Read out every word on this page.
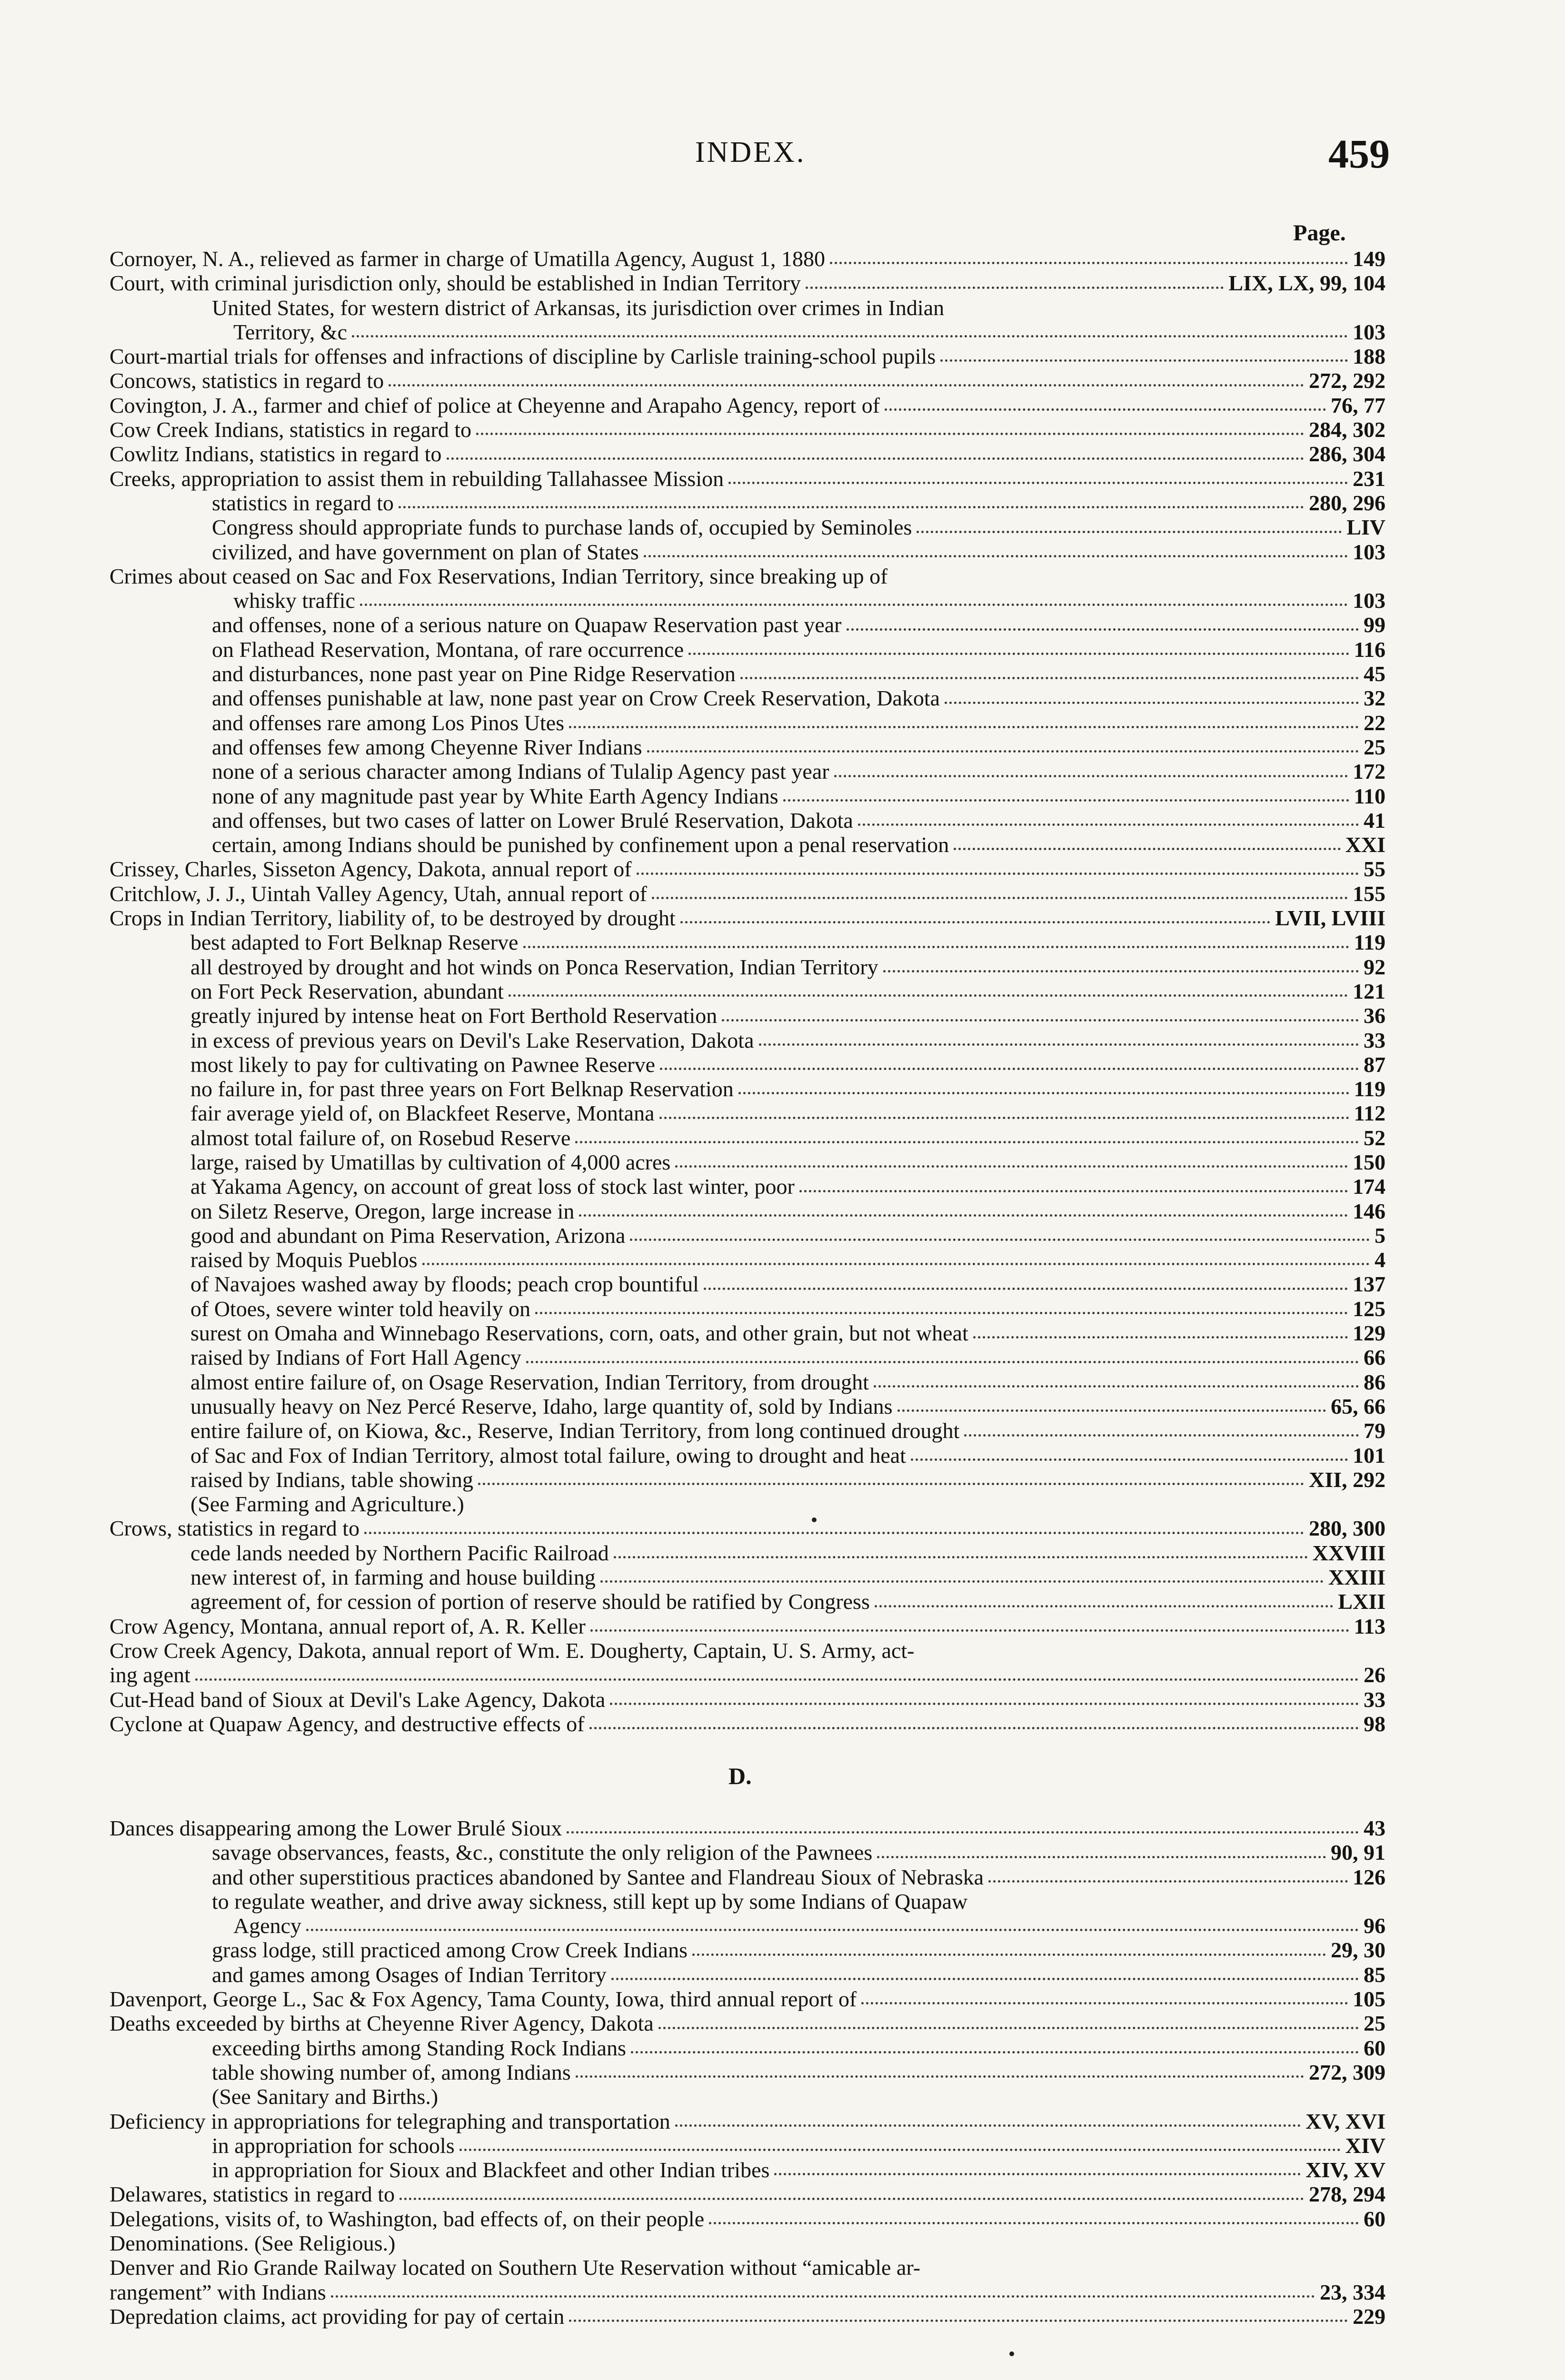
INDEX.	459
Page.
Cornoyer, N. A., relieved as farmer in charge of Umatilla Agency, August 1, 1880	149
Court, with criminal jurisdiction only, should be established in Indian Territory	LIX, LX, 99, 104
United States, for western district of Arkansas, its jurisdiction over crimes in Indian
Territory, &c	103
Court-martial trials for offenses and infractions of discipline by Carlisle training-school pupils	188
Concows, statistics in regard to	272, 292
Covington, J. A., farmer and chief of police at Cheyenne and Arapaho Agency, report of	76, 77
Cow Creek Indians, statistics in regard to	284, 302
Cowlitz Indians, statistics in regard to	286, 304
Creeks, appropriation to assist them in rebuilding Tallahassee Mission	231
statistics in regard to	280, 296
Congress should appropriate funds to purchase lands of, occupied by Seminoles	LIV
civilized, and have government on plan of States	103
Crimes about ceased on Sac and Fox Reservations, Indian Territory, since breaking up of
whisky traffic	103
and offenses, none of a serious nature on Quapaw Reservation past year	99
on Flathead Reservation, Montana, of rare occurrence	116
and disturbances, none past year on Pine Ridge Reservation	45
and offenses punishable at law, none past year on Crow Creek Reservation, Dakota	32
and offenses rare among Los Pinos Utes	22
and offenses few among Cheyenne River Indians	25
none of a serious character among Indians of Tulalip Agency past year	172
none of any magnitude past year by White Earth Agency Indians	110
and offenses, but two cases of latter on Lower Brulé Reservation, Dakota	41
certain, among Indians should be punished by confinement upon a penal reservation	XXI
Crissey, Charles, Sisseton Agency, Dakota, annual report of	55
Critchlow, J. J., Uintah Valley Agency, Utah, annual report of	155
Crops in Indian Territory, liability of, to be destroyed by drought	LVII, LVIII
best adapted to Fort Belknap Reserve	119
all destroyed by drought and hot winds on Ponca Reservation, Indian Territory	92
on Fort Peck Reservation, abundant	121
greatly injured by intense heat on Fort Berthold Reservation	36
in excess of previous years on Devil's Lake Reservation, Dakota	33
most likely to pay for cultivating on Pawnee Reserve	87
no failure in, for past three years on Fort Belknap Reservation	119
fair average yield of, on Blackfeet Reserve, Montana	112
almost total failure of, on Rosebud Reserve	52
large, raised by Umatillas by cultivation of 4,000 acres	150
at Yakama Agency, on account of great loss of stock last winter, poor	174
on Siletz Reserve, Oregon, large increase in	146
good and abundant on Pima Reservation, Arizona	5
raised by Moquis Pueblos	4
of Navajoes washed away by floods; peach crop bountiful	137
of Otoes, severe winter told heavily on	125
surest on Omaha and Winnebago Reservations, corn, oats, and other grain, but not wheat	129
raised by Indians of Fort Hall Agency	66
almost entire failure of, on Osage Reservation, Indian Territory, from drought	86
unusually heavy on Nez Percé Reserve, Idaho, large quantity of, sold by Indians	65, 66
entire failure of, on Kiowa, &c., Reserve, Indian Territory, from long continued drought	79
of Sac and Fox of Indian Territory, almost total failure, owing to drought and heat	101
raised by Indians, table showing	XII, 292
(See Farming and Agriculture.)
Crows, statistics in regard to	280, 300
cede lands needed by Northern Pacific Railroad	XXVIII
new interest of, in farming and house building	XXIII
agreement of, for cession of portion of reserve should be ratified by Congress	LXII
Crow Agency, Montana, annual report of, A. R. Keller	113
Crow Creek Agency, Dakota, annual report of Wm. E. Dougherty, Captain, U. S. Army, act-
ing agent	26
Cut-Head band of Sioux at Devil's Lake Agency, Dakota	33
Cyclone at Quapaw Agency, and destructive effects of	98
D.
Dances disappearing among the Lower Brulé Sioux	43
savage observances, feasts, &c., constitute the only religion of the Pawnees	90, 91
and other superstitious practices abandoned by Santee and Flandreau Sioux of Nebraska	126
to regulate weather, and drive away sickness, still kept up by some Indians of Quapaw
Agency	96
grass lodge, still practiced among Crow Creek Indians	29, 30
and games among Osages of Indian Territory	85
Davenport, George L., Sac & Fox Agency, Tama County, Iowa, third annual report of	105
Deaths exceeded by births at Cheyenne River Agency, Dakota	25
exceeding births among Standing Rock Indians	60
table showing number of, among Indians	272, 309
(See Sanitary and Births.)
Deficiency in appropriations for telegraphing and transportation	XV, XVI
in appropriation for schools	XIV
in appropriation for Sioux and Blackfeet and other Indian tribes	XIV, XV
Delawares, statistics in regard to	278, 294
Delegations, visits of, to Washington, bad effects of, on their people	60
Denominations. (See Religious.)
Denver and Rio Grande Railway located on Southern Ute Reservation without “amicable ar-
rangement” with Indians	23, 334
Depredation claims, act providing for pay of certain	229
